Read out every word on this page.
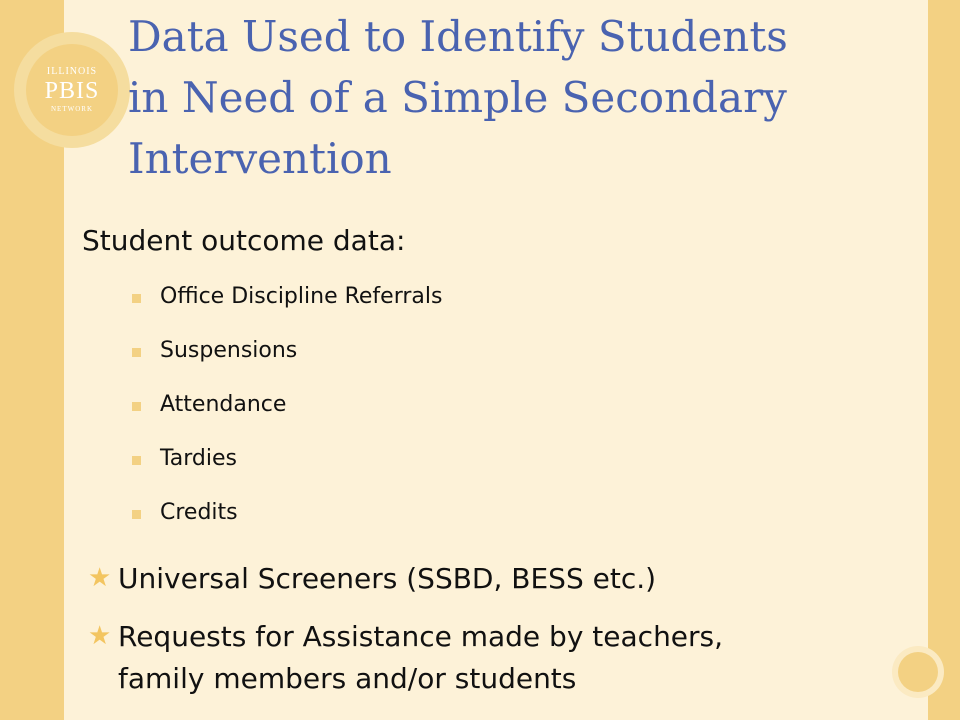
ILLINOIS
PBIS
NETWORK
Data Used to Identify Students
in Need of a Simple Secondary
Intervention

Student outcome data:

Office Discipline Referrals
Suspensions
Attendance
Tardies
Credits
★ Universal Screeners (SSBD, BESS etc.)
★ Requests for Assistance made by teachers,
family members and/or students
